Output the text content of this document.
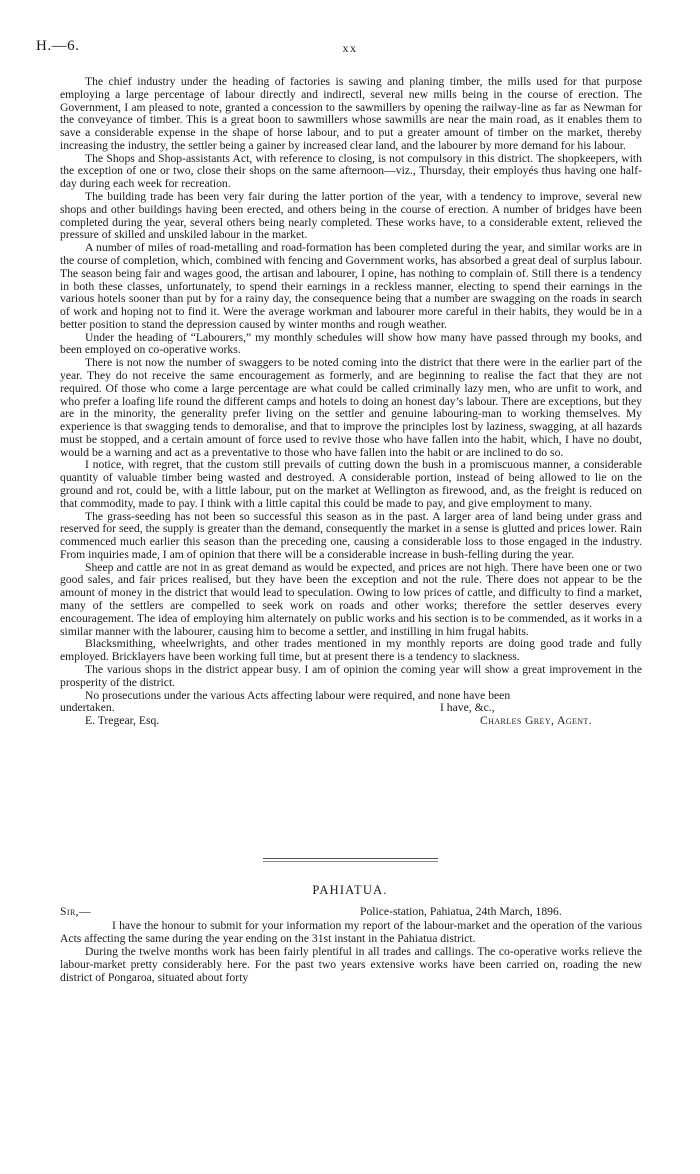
H.—6.	xx

The chief industry under the heading of factories is sawing and planing timber, the mills used for that purpose employing a large percentage of labour directly and indirectl, several new mills being in the course of erection. The Government, I am pleased to note, granted a concession to the sawmillers by opening the railway-line as far as Newman for the conveyance of timber. This is a great boon to sawmillers whose sawmills are near the main road, as it enables them to save a considerable expense in the shape of horse labour, and to put a greater amount of timber on the market, thereby increasing the industry, the settler being a gainer by increased clear land, and the labourer by more demand for his labour.

The Shops and Shop-assistants Act, with reference to closing, is not compulsory in this district. The shopkeepers, with the exception of one or two, close their shops on the same afternoon—viz., Thursday, their employés thus having one half-day during each week for recreation.

The building trade has been very fair during the latter portion of the year, with a tendency to improve, several new shops and other buildings having been erected, and others being in the course of erection. A number of bridges have been completed during the year, several others being nearly completed. These works have, to a considerable extent, relieved the pressure of skilled and unskiled labour in the market.

A number of miles of road-metalling and road-formation has been completed during the year, and similar works are in the course of completion, which, combined with fencing and Government works, has absorbed a great deal of surplus labour. The season being fair and wages good, the artisan and labourer, I opine, has nothing to complain of. Still there is a tendency in both these classes, unfortunately, to spend their earnings in a reckless manner, electing to spend their earnings in the various hotels sooner than put by for a rainy day, the consequence being that a number are swagging on the roads in search of work and hoping not to find it. Were the average workman and labourer more careful in their habits, they would be in a better position to stand the depression caused by winter months and rough weather.

Under the heading of “Labourers,” my monthly schedules will show how many have passed through my books, and been employed on co-operative works.

There is not now the number of swaggers to be noted coming into the district that there were in the earlier part of the year. They do not receive the same encouragement as formerly, and are beginning to realise the fact that they are not required. Of those who come a large percentage are what could be called criminally lazy men, who are unfit to work, and who prefer a loafing life round the different camps and hotels to doing an honest day’s labour. There are exceptions, but they are in the minority, the generality prefer living on the settler and genuine labouring-man to working themselves. My experience is that swagging tends to demoralise, and that to improve the principles lost by laziness, swagging, at all hazards must be stopped, and a certain amount of force used to revive those who have fallen into the habit, which, I have no doubt, would be a warning and act as a preventative to those who have fallen into the habit or are inclined to do so.

I notice, with regret, that the custom still prevails of cutting down the bush in a promiscuous manner, a considerable quantity of valuable timber being wasted and destroyed. A considerable portion, instead of being allowed to lie on the ground and rot, could be, with a little labour, put on the market at Wellington as firewood, and, as the freight is reduced on that commodity, made to pay. I think with a little capital this could be made to pay, and give employment to many.

The grass-seeding has not been so successful this season as in the past. A larger area of land being under grass and reserved for seed, the supply is greater than the demand, consequently the market in a sense is glutted and prices lower. Rain commenced much earlier this season than the preceding one, causing a considerable loss to those engaged in the industry. From inquiries made, I am of opinion that there will be a considerable increase in bush-felling during the year.

Sheep and cattle are not in as great demand as would be expected, and prices are not high. There have been one or two good sales, and fair prices realised, but they have been the exception and not the rule. There does not appear to be the amount of money in the district that would lead to speculation. Owing to low prices of cattle, and difficulty to find a market, many of the settlers are compelled to seek work on roads and other works; therefore the settler deserves every encouragement. The idea of employing him alternately on public works and his section is to be commended, as it works in a similar manner with the labourer, causing him to become a settler, and instilling in him frugal habits.

Blacksmithing, wheelwrights, and other trades mentioned in my monthly reports are doing good trade and fully employed. Bricklayers have been working full time, but at present there is a tendency to slackness.

The various shops in the district appear busy. I am of opinion the coming year will show a great improvement in the prosperity of the district.

No prosecutions under the various Acts affecting labour were required, and none have been

undertaken.	I have, &c.,
E. Tregear, Esq.	Charles Grey, Agent.
PAHIATUA.
Sir,—	Police-station, Pahiatua, 24th March, 1896.

I have the honour to submit for your information my report of the labour-market and the operation of the various Acts affecting the same during the year ending on the 31st instant in the Pahiatua district.

During the twelve months work has been fairly plentiful in all trades and callings. The co-operative works relieve the labour-market pretty considerably here. For the past two years extensive works have been carried on, roading the new district of Pongaroa, situated about forty
